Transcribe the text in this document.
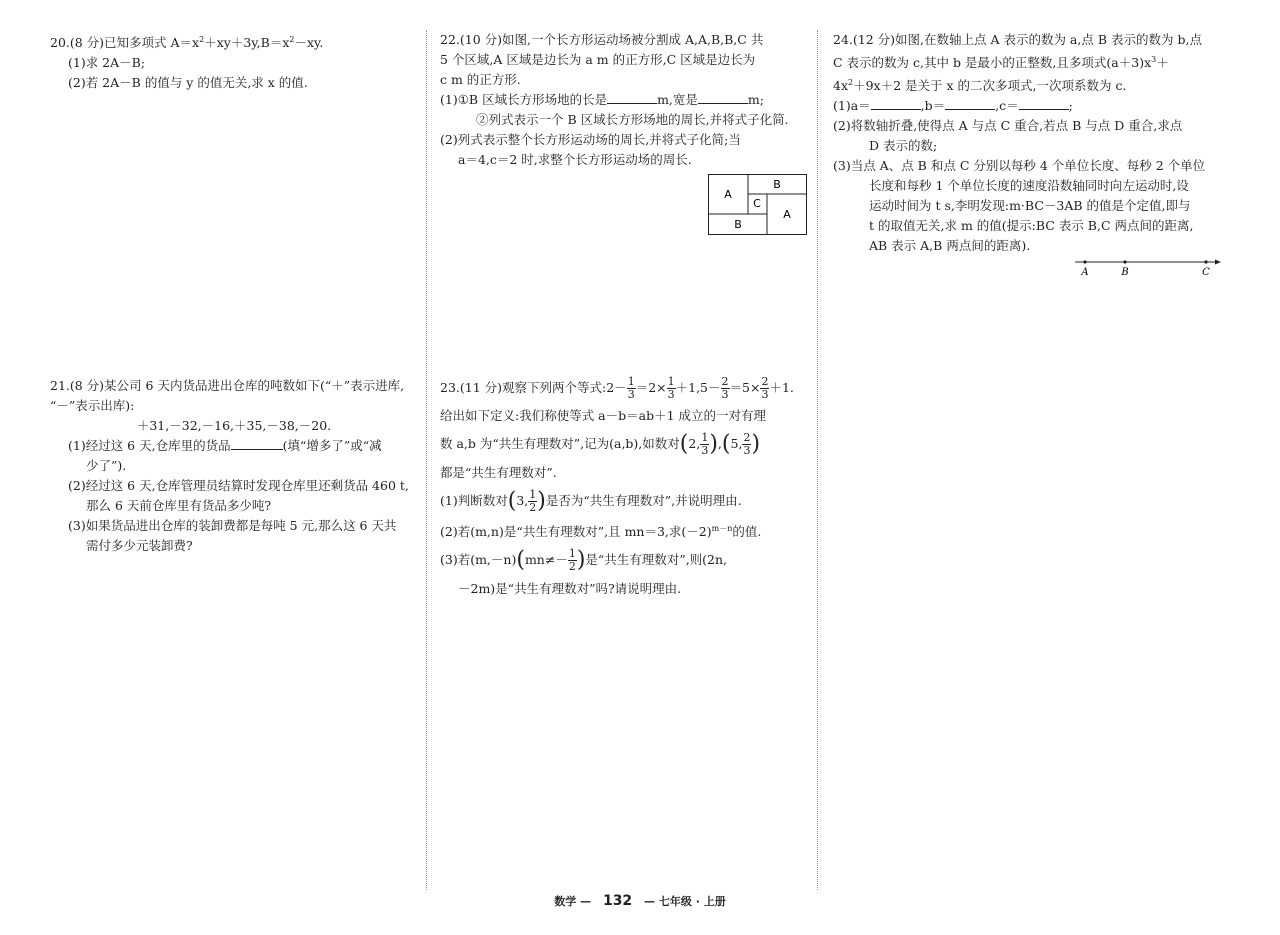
20.(8 分)已知多项式 $A=x^2+xy+3y,B=x^2-xy$.

(1)求 2A－B;

(2)若 2A－B 的值与 y 的值无关,求 x 的值.

21.(8 分)某公司 6 天内货品进出仓库的吨数如下(“＋”表示进库,

“－”表示出库):

＋31,－32,－16,＋35,－38,－20.

(1)经过这 6 天,仓库里的货品	(填“增多了”或“减

少了”).

(2)经过这 6 天,仓库管理员结算时发现仓库里还剩货品 460 t,

那么 6 天前仓库里有货品多少吨?

(3)如果货品进出仓库的装卸费都是每吨 5 元,那么这 6 天共

需付多少元装卸费?

22.(10 分)如图,一个长方形运动场被分割成 A,A,B,B,C 共

5 个区域,A 区域是边长为 a m 的正方形,C 区域是边长为

c m 的正方形.

(1)①B 区域长方形场地的长是	m,宽是	m;

②列式表示一个 B 区域长方形场地的周长,并将式子化简.

(2)列式表示整个长方形运动场的周长,并将式子化简;当

a＝4,c＝2 时,求整个长方形运动场的周长.

A
B
C
A
B

23.(11 分)观察下列两个等式:2－ $\frac{1}{3} =2\times \frac{1}{3} +1,5- \frac{2}{3} =5\times \frac{2}{3} +1$.

给出如下定义:我们称使等式 a－b＝ab＋1 成立的一对有理

数 a,b 为“共生有理数对”,记为(a,b),如数对(2, $\frac{1}{3} ),(5$, $\frac{2}{3}$ )

都是“共生有理数对”.

(1)判断数对(3, $\frac{1}{2}$ )是否为“共生有理数对”,并说明理由.

(2)若(m,n)是“共生有理数对”,且 mn＝3,求$(-2)^{m-n}$的值.

(3)若$(m,-n)(mn\ne- \frac{1}{2}$ )是“共生有理数对”,则(2n,

－2m)是“共生有理数对”吗?请说明理由.

24.(12 分)如图,在数轴上点 A 表示的数为 a,点 B 表示的数为 b,点

C 表示的数为 c,其中 b 是最小的正整数,且多项式$(a+3)x^3+$

$4x^2+9x+2$ 是关于 x 的二次多项式,一次项系数为 c.

(1)a＝	,b＝	,c＝	;

(2)将数轴折叠,使得点 A 与点 C 重合,若点 B 与点 D 重合,求点

D 表示的数;

(3)当点 A、点 B 和点 C 分别以每秒 4 个单位长度、每秒 2 个单位

长度和每秒 1 个单位长度的速度沿数轴同时向左运动时,设

运动时间为 t s,李明发现:m·BC－3AB 的值是个定值,即与

t 的取值无关,求 m 的值(提示:BC 表示 B,C 两点间的距离,

AB 表示 A,B 两点间的距离).

A	B	C
数学 — 132 — 七年级 · 上册
